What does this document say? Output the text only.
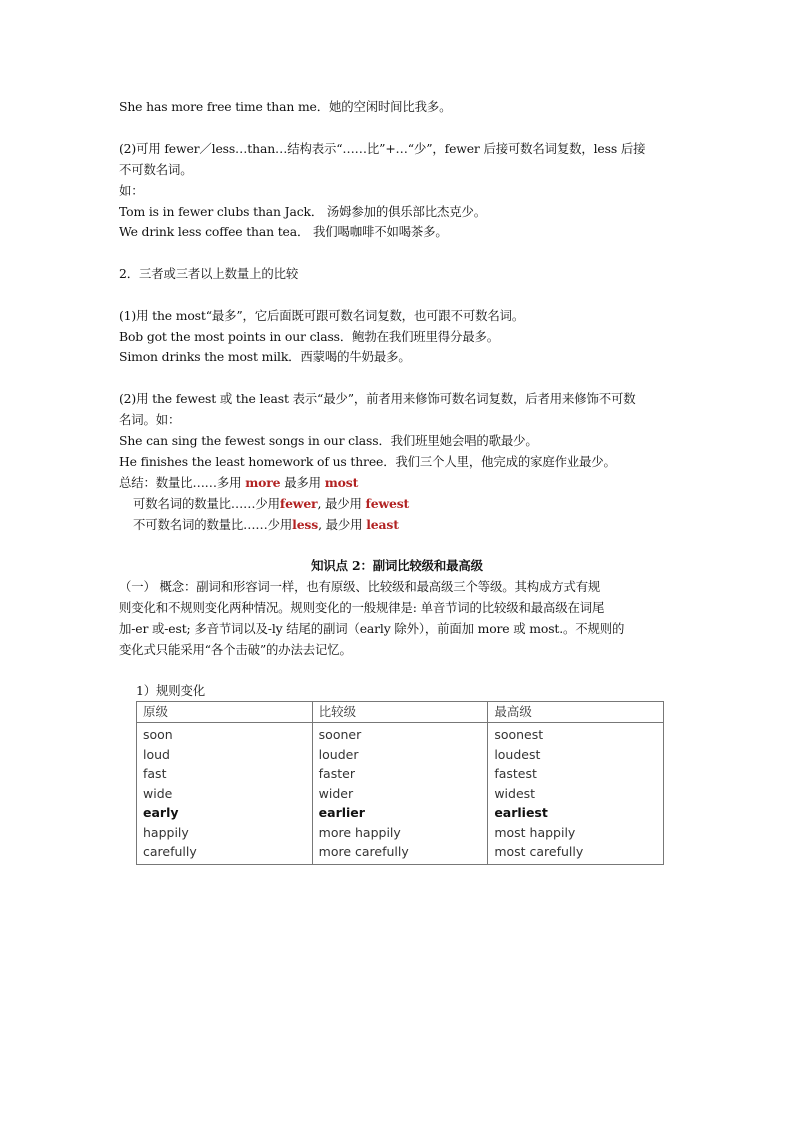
She has more free time than me．她的空闲时间比我多。
(2)可用 fewer／less…than…结构表示“……比”+…“少”，fewer 后接可数名词复数，less 后接
不可数名词。
如：
Tom is in fewer clubs than Jack． 汤姆参加的俱乐部比杰克少。
We drink less coffee than tea． 我们喝咖啡不如喝茶多。
2．三者或三者以上数量上的比较
(1)用 the most“最多”，它后面既可跟可数名词复数，也可跟不可数名词。
Bob got the most points in our class．鲍勃在我们班里得分最多。
Simon drinks the most milk．西蒙喝的牛奶最多。
(2)用 the fewest 或 the least 表示“最少”，前者用来修饰可数名词复数，后者用来修饰不可数
名词。如：
She can sing the fewest songs in our class．我们班里她会唱的歌最少。
He finishes the least homework of us three．我们三个人里，他完成的家庭作业最少。
总结：数量比……多用 more 最多用 most
可数名词的数量比……少用fewer, 最少用 fewest
不可数名词的数量比……少用less, 最少用 least
知识点 2：副词比较级和最高级
（一） 概念：副词和形容词一样，也有原级、比较级和最高级三个等级。其构成方式有规
则变化和不规则变化两种情况。规则变化的一般规律是: 单音节词的比较级和最高级在词尾
加-er 或-est; 多音节词以及-ly 结尾的副词（early 除外），前面加 more 或 most.。不规则的
变化式只能采用“各个击破”的办法去记忆。
1）规则变化
原级	比较级	最高级
soon	sooner	soonest
loud	louder	loudest
fast	faster	fastest
wide	wider	widest
early	earlier	earliest
happily	more happily	most happily
carefully	more carefully	most carefully
